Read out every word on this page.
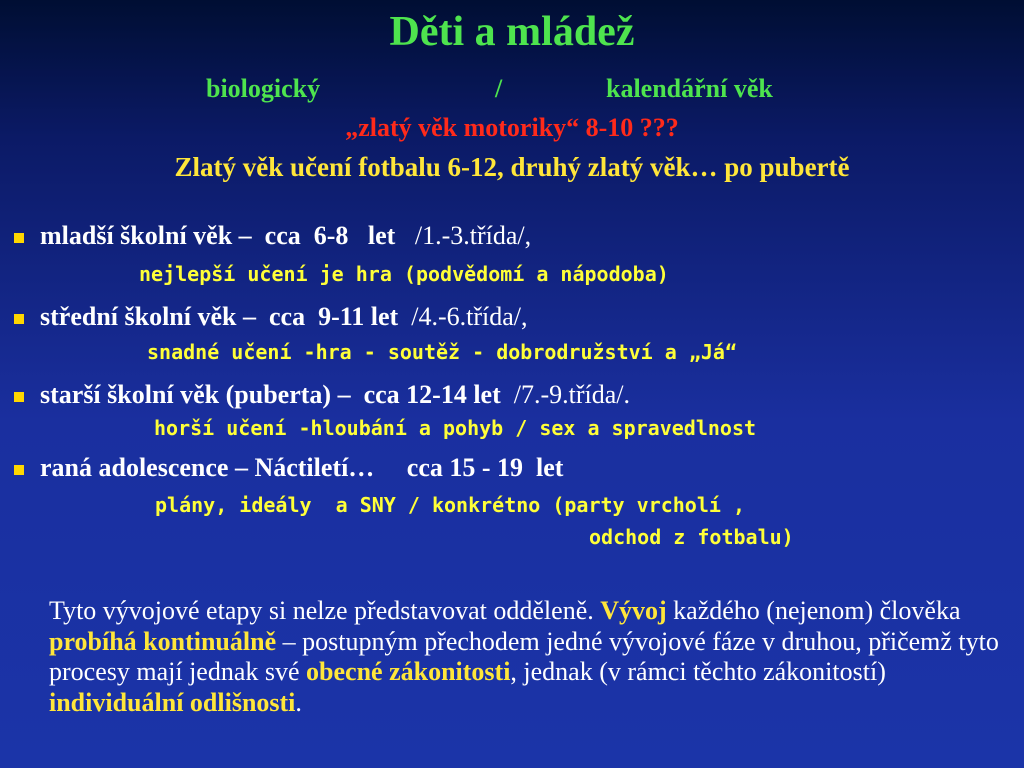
Děti a mládež
biologický	/	kalendářní věk
„zlatý věk motoriky“ 8-10 ???
Zlatý věk učení fotbalu 6-12, druhý zlatý věk… po pubertě
mladší školní věk –  cca  6-8   let /1.-3.třída/,
nejlepší učení je hra (podvědomí a nápodoba)
střední školní věk –  cca  9-11 let /4.-6.třída/,
snadné učení -hra - soutěž - dobrodružství a „Já“
starší školní věk (puberta) –  cca 12-14 let /7.-9.třída/.
horší učení -hloubání a pohyb / sex a spravedlnost
raná adolescence – Náctiletí…     cca 15 - 19  let
plány, ideály  a SNY / konkrétno (party vrcholí ,
odchod z fotbalu)
Tyto vývojové etapy si nelze představovat odděleně. Vývoj každého (nejenom) člověka probíhá kontinuálně – postupným přechodem jedné vývojové fáze v druhou, přičemž tyto procesy mají jednak své obecné zákonitosti, jednak (v rámci těchto zákonitostí) individuální odlišnosti.
